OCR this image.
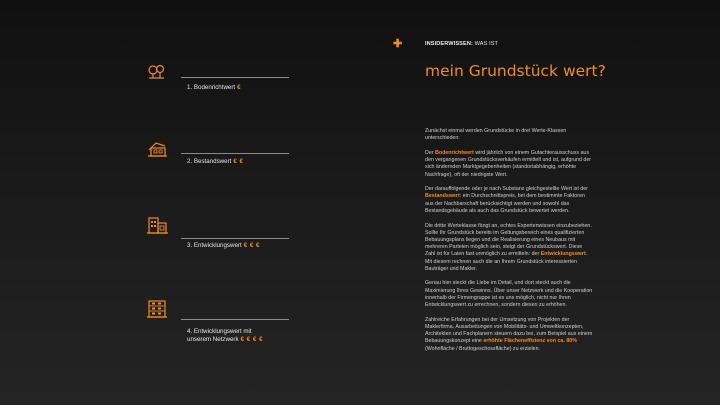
1. Bodenrichtwert €
2. Bestandswert € €
3. Entwicklungswert € € €
4. Entwicklungswert mit
unserem Netzwerk € € € €
✚	INSIDERWISSEN: WAS IST
mein Grundstück wert?

Zunächst einmal werden Grundstücke in drei Werte-Klassen unterschieden:

Der Bodenrichtwert wird jährlich von einem Gutachterausschuss aus den vergangenen Grundstücksverkäufen ermittelt und ist, aufgrund der sich ändernden Marktgegebenheiten (standortabhängig, erhöhte Nachfrage), oft der niedrigste Wert.

Der darauffolgende oder je nach Substanz gleichgestellte Wert ist der Bestandswert: ein Durchschnittspreis, bei dem bestimmte Faktoren aus der Nachbarschaft berücksichtigt werden und sowohl das Bestandsgebäude als auch das Grundstück bewertet werden.

Die dritte Werteklasse fängt an, echtes Expertenwissen einzubeziehen. Sollte Ihr Grundstück bereits im Geltungsbereich eines qualifizierten Bebauungsplans liegen und die Realisierung eines Neubaus mit mehreren Parteien möglich sein, steigt der Grundstückswert. Diese Zahl ist für Laien fast unmöglich zu ermitteln: der Entwicklungswert. Mit diesem rechnen auch die an Ihrem Grundstück interessierten Bauträger und Makler.

Genau hier steckt die Liebe im Detail, und dort steckt auch die Maximierung Ihres Gewinns. Über unser Netzwerk und die Kooperation innerhalb der Firmengruppe ist es uns möglich, nicht nur Ihren Entwicklungswert zu errechnen, sondern diesen zu erhöhen.

Zahlreiche Erfahrungen bei der Umsetzung von Projekten der Maklerfirma, Ausarbeitungen von Mobilitäts- und Umweltkonzepten, Architekten und Fachplanern steuern dazu bei, zum Beispiel aus einem Bebauungskonzept eine erhöhte Flächeneffizienz von ca. 80% (Wohnfläche / Bruttogeschossfläche) zu erzielen.
